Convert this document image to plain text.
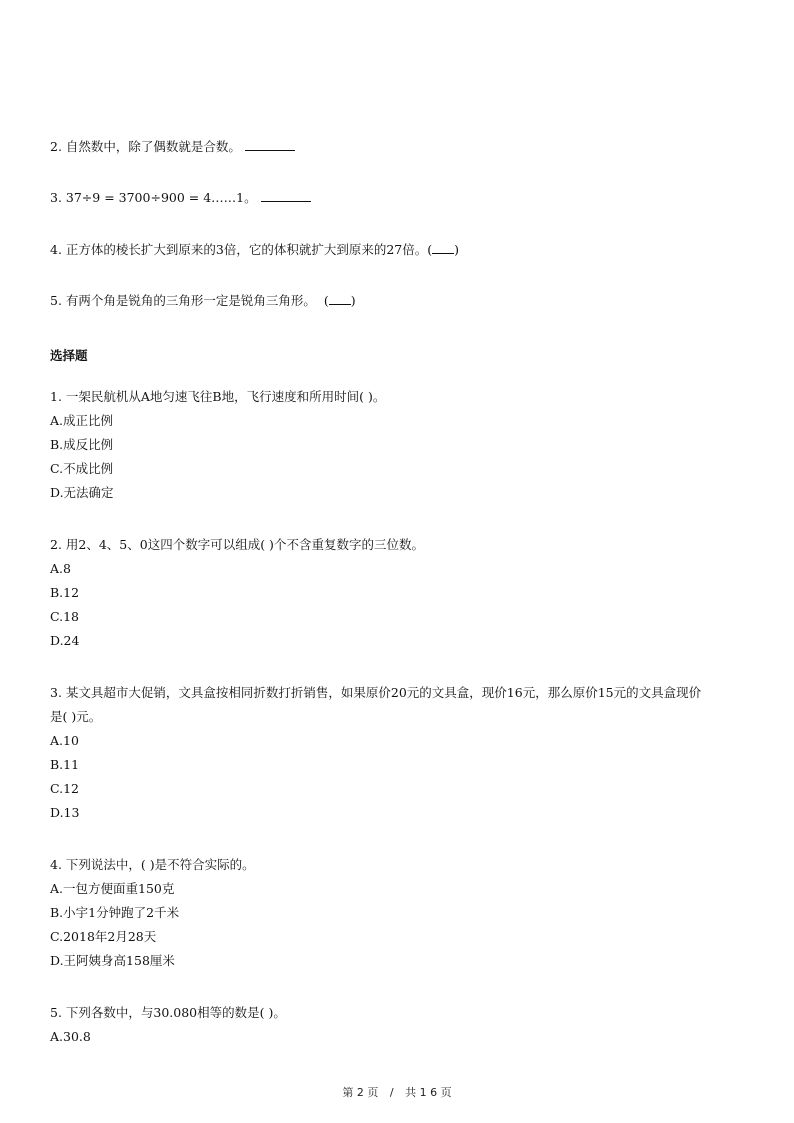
2. 自然数中，除了偶数就是合数。
3. 37÷9 = 3700÷900 = 4……1。
4. 正方体的棱长扩大到原来的3倍，它的体积就扩大到原来的27倍。( )
5. 有两个角是锐角的三角形一定是锐角三角形。 ( )
选择题
1. 一架民航机从A地匀速飞往B地，飞行速度和所用时间( )。
A.成正比例
B.成反比例
C.不成比例
D.无法确定
2. 用2、4、5、0这四个数字可以组成( )个不含重复数字的三位数。
A.8
B.12
C.18
D.24
3. 某文具超市大促销，文具盒按相同折数打折销售，如果原价20元的文具盒，现价16元，那么原价15元的文具盒现价
是( )元。
A.10
B.11
C.12
D.13
4. 下列说法中，( )是不符合实际的。
A.一包方便面重150克
B.小宇1分钟跑了2千米
C.2018年2月28天
D.王阿姨身高158厘米
5. 下列各数中，与30.080相等的数是( )。
A.30.8
第 2 页 / 共 1 6 页
